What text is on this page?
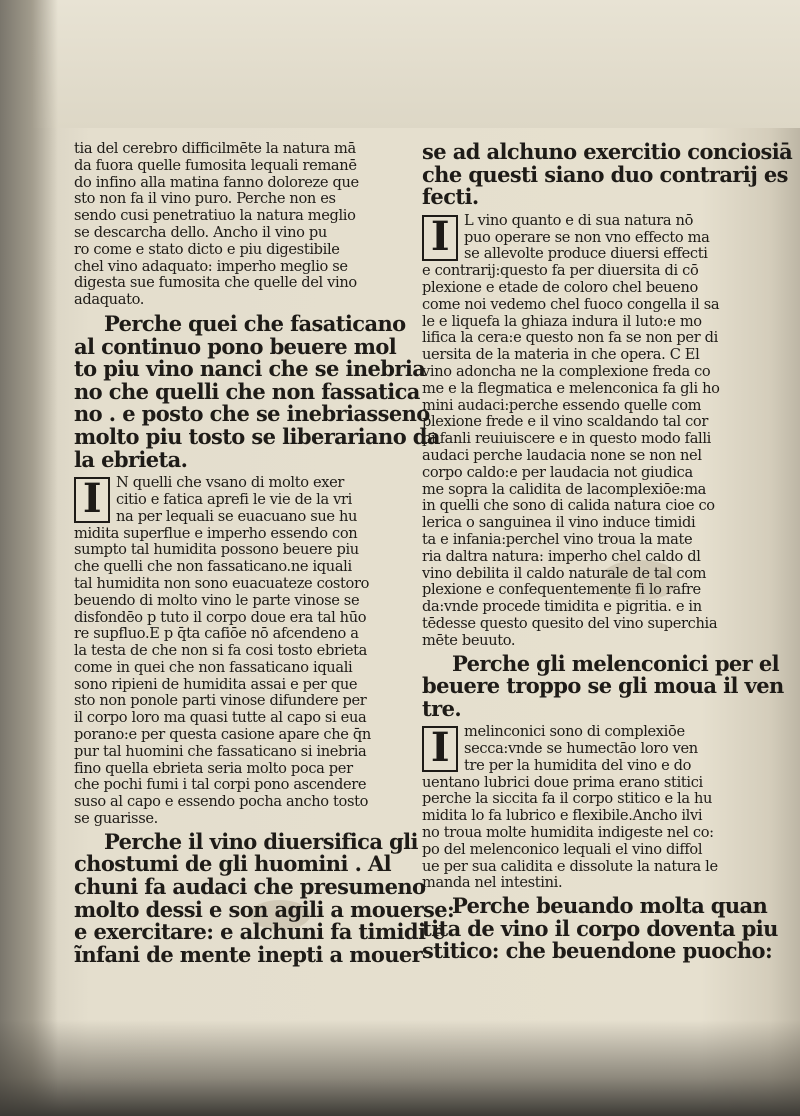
tia del cerebro difficilmēte la natura mā
da fuora quelle fumosita lequali remanē
do infino alla matina fanno doloreze que
sto non fa il vino puro. Perche non es
sendo cusi penetratiuo la natura meglio
se descarcha dello. Ancho il vino pu
ro come e stato dicto e piu digestibile
chel vino adaquato: imperho meglio se
digesta sue fumosita che quelle del vino
adaquato.
Perche quei che fasaticano
al continuo pono beuere mol
to piu vino nanci che se inebria
no che quelli che non fassatica
no . e posto che se inebriasseno
molto piu tosto se liberariano da
la ebrieta.
I	N quelli che vsano di molto exer
citio e fatica aprefi le vie de la vri
na per lequali se euacuano sue hu
midita superflue e imperho essendo con
sumpto tal humidita possono beuere piu
che quelli che non fassaticano.ne iquali
tal humidita non sono euacuateze costoro
beuendo di molto vino le parte vinose se
disfondēo p tuto il corpo doue era tal hūo
re supfluo.E p q̄ta cafiōe nō afcendeno a
la testa de che non si fa cosi tosto ebrieta
come in quei che non fassaticano iquali
sono ripieni de humidita assai e per que
sto non ponole parti vinose difundere per
il corpo loro ma quasi tutte al capo si eua
porano:e per questa casione apare che q̄n
pur tal huomini che fassaticano si inebria
fino quella ebrieta seria molto poca per
che pochi fumi i tal corpi pono ascendere
suso al capo e essendo pocha ancho tosto
se guarisse.
Perche il vino diuersifica gli
chostumi de gli huomini . Al
chuni fa audaci che presumeno
molto dessi e son agili a mouerse:
e exercitare: e alchuni fa timidi e
ĩnfani de mente inepti a mouer
se ad alchuno exercitio conciosiā
che questi siano duo contrarij es
fecti.
I	L vino quanto e di sua natura nō
puo operare se non vno effecto ma
se allevolte produce diuersi effecti
e contrarij:questo fa per diuersita di cō
plexione e etade de coloro chel beueno
come noi vedemo chel fuoco congella il sa
le e liquefa la ghiaza indura il luto:e mo
lifica la cera:e questo non fa se non per di
uersita de la materia in che opera. C El
vino adoncha ne la complexione freda co
me e la flegmatica e melenconica fa gli ho
mini audaci:perche essendo quelle com
plexione frede e il vino scaldando tal cor
pi fanli reuiuiscere e in questo modo falli
audaci perche laudacia none se non nel
corpo caldo:e per laudacia not giudica
me sopra la calidita de lacomplexiōe:ma
in quelli che sono di calida natura cioe co
lerica o sanguinea il vino induce timidi
ta e infania:perchel vino troua la mate
ria daltra natura: imperho chel caldo dl
vino debilita il caldo naturale de tal com
plexione e confequentemente fi lo rafre
da:vnde procede timidita e pigritia. e in
tēdesse questo quesito del vino superchia
mēte beuuto.
Perche gli melenconici per el
beuere troppo se gli moua il ven
tre.
I	melinconici sono di complexiōe
secca:vnde se humectāo loro ven
tre per la humidita del vino e do
uentano lubrici doue prima erano stitici
perche la siccita fa il corpo stitico e la hu
midita lo fa lubrico e flexibile.Ancho ilvi
no troua molte humidita indigeste nel co:
po del melenconico lequali el vino diffol
ue per sua calidita e dissolute la natura le
manda nel intestini.
Perche beuando molta quan
tita de vino il corpo doventa piu
stitico: che beuendone puocho:
